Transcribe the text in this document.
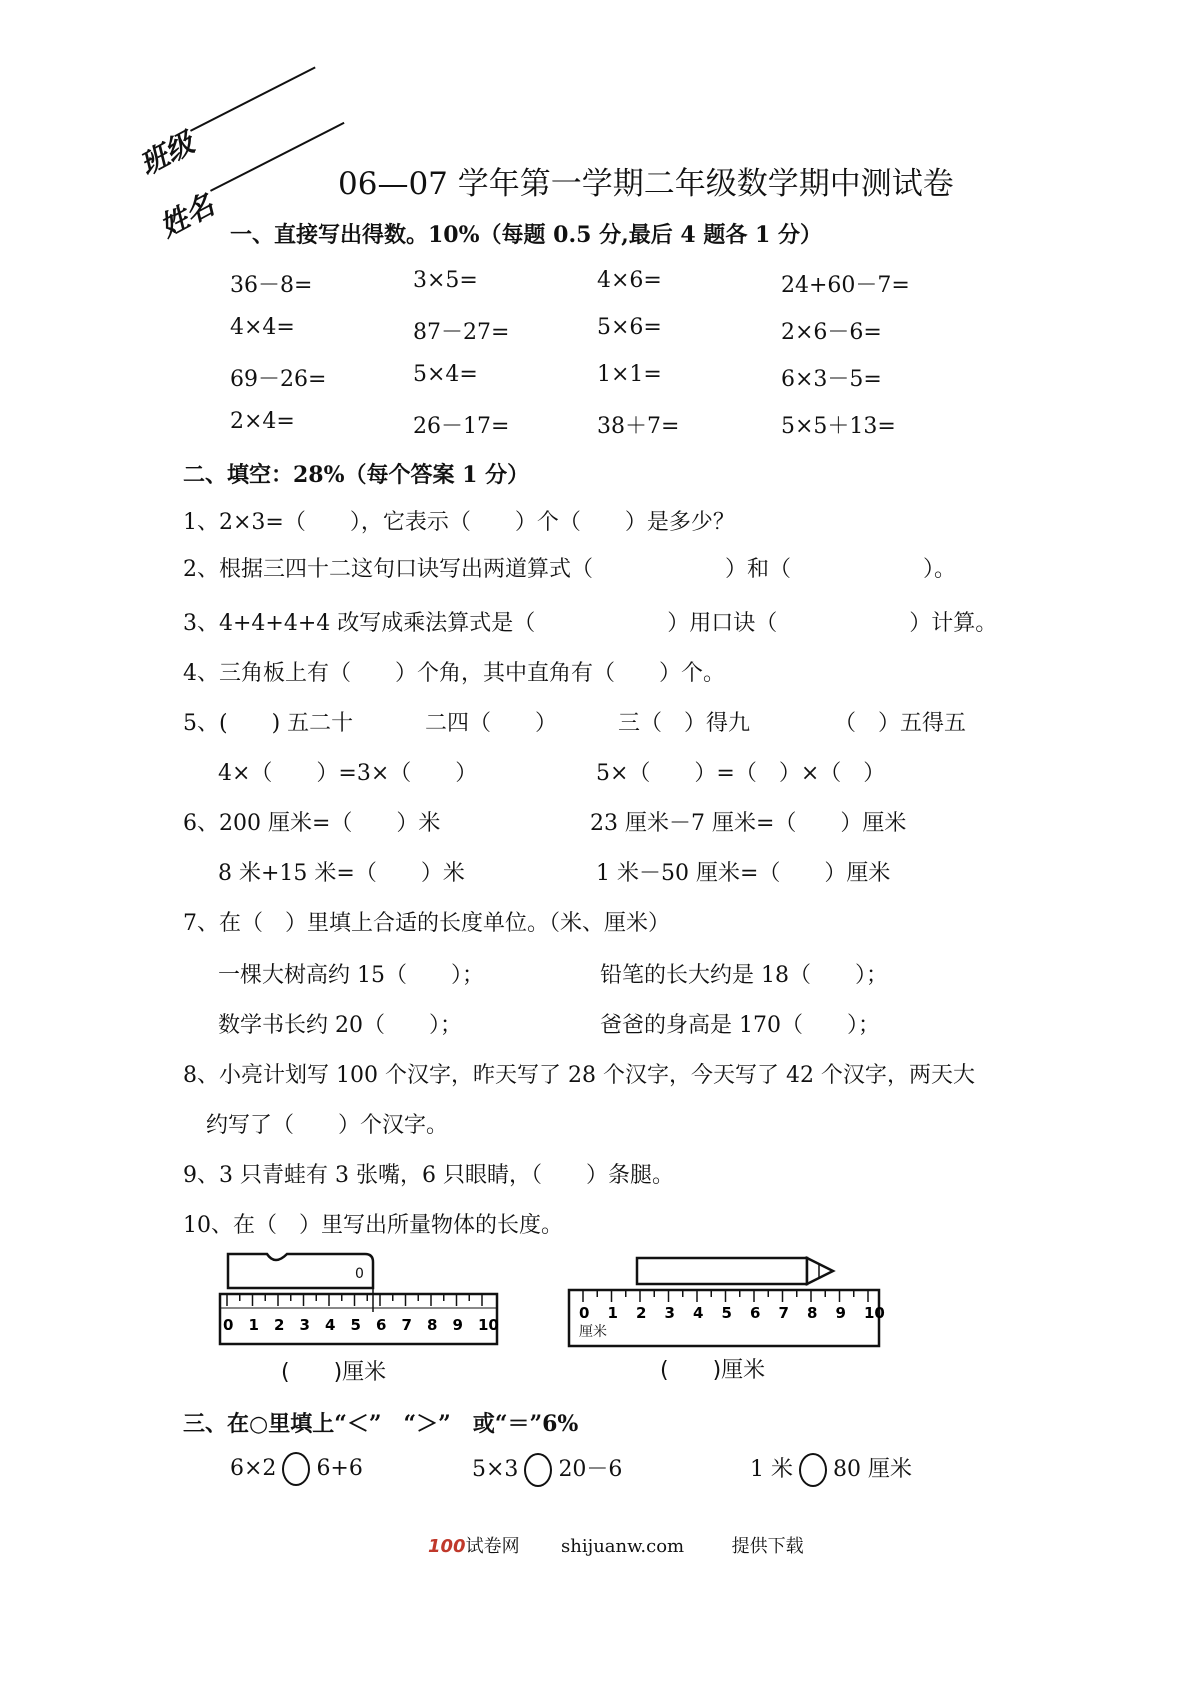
班级
姓名
06—07 学年第一学期二年级数学期中测试卷
一、直接写出得数。10%（每题 0.5 分,最后 4 题各 1 分）
36－8=	3×5=	4×6=	24+60－7=
4×4=	87－27=	5×6=	2×6－6=
69－26=	5×4=	1×1=	6×3－5=
2×4=	26－17=	38＋7=	5×5＋13=
二、填空：28%（每个答案 1 分）
1、2×3=（　　），它表示（　　）个（　　）是多少？
2、根据三四十二这句口诀写出两道算式（　　　　　　）和（　　　　　　）。
3、4+4+4+4 改写成乘法算式是（　　　　　　）用口诀（　　　　　　）计算。
4、三角板上有（　　）个角，其中直角有（　　）个。
5、(　　) 五二十	二四（　　）	三（　）得九	（　）五得五
4×（　　）=3×（　　）	5×（　　）=（　）×（　）
6、200 厘米=（　　）米	23 厘米－7 厘米=（　　）厘米
8 米+15 米=（　　）米	1 米－50 厘米=（　　）厘米
7、在（　）里填上合适的长度单位。（米、厘米）
一棵大树高约 15（　　）；	铅笔的长大约是 18（　　）；
数学书长约 20（　　）；	爸爸的身高是 170（　　）；
8、小亮计划写 100 个汉字，昨天写了 28 个汉字，今天写了 42 个汉字，两天大
约写了（　　）个汉字。
9、3 只青蛙有 3 张嘴，6 只眼睛，（　　）条腿。
10、在（　）里写出所量物体的长度。
0
0 1 2 3 4 5 6 7 8 9 10
(　　)厘米
0 1 2 3 4 5 6 7 8 9 10
厘米
(　　)厘米
三、在○里填上“＜”　“＞”　或“＝”6%
6×2 6+6	5×3 20－6	1 米 80 厘米
100试卷网 shijuanw.com	提供下载
